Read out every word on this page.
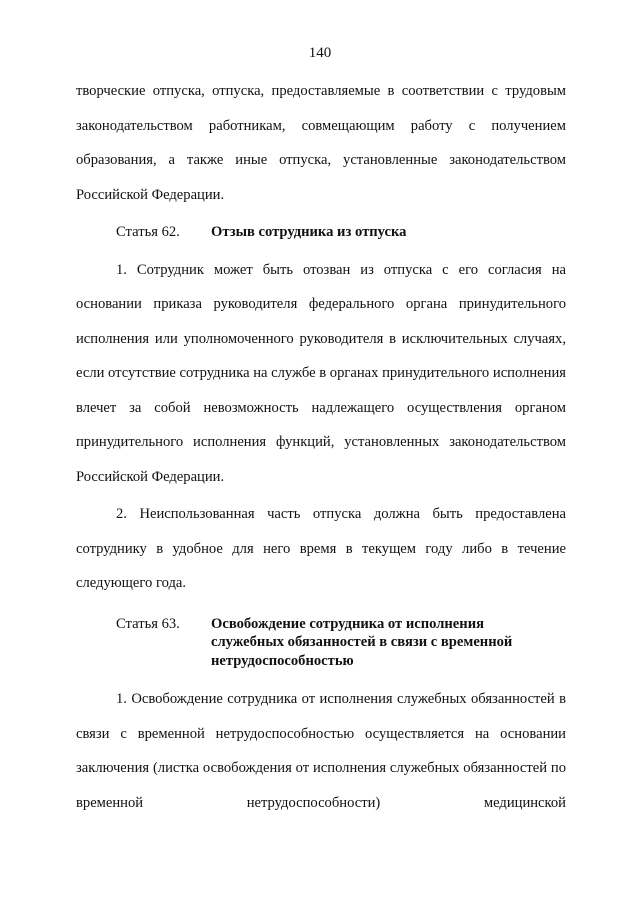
140

творческие отпуска, отпуска, предоставляемые в соответствии с трудовым законодательством работникам, совмещающим работу с получением образования, а также иные отпуска, установленные законодательством Российской Федерации.

Статья 62.	Отзыв сотрудника из отпуска

1. Сотрудник может быть отозван из отпуска с его согласия на основании приказа руководителя федерального органа принудительного исполнения или уполномоченного руководителя в исключительных случаях, если отсутствие сотрудника на службе в органах принудительного исполнения влечет за собой невозможность надлежащего осуществления органом принудительного исполнения функций, установленных законодательством Российской Федерации.

2. Неиспользованная часть отпуска должна быть предоставлена сотруднику в удобное для него время в текущем году либо в течение следующего года.

Статья 63.	Освобождение сотрудника от исполнения служебных обязанностей в связи с временной нетрудоспособностью

1. Освобождение сотрудника от исполнения служебных обязанностей в связи с временной нетрудоспособностью осуществляется на основании заключения (листка освобождения от исполнения служебных обязанностей по временной нетрудоспособности) медицинской
